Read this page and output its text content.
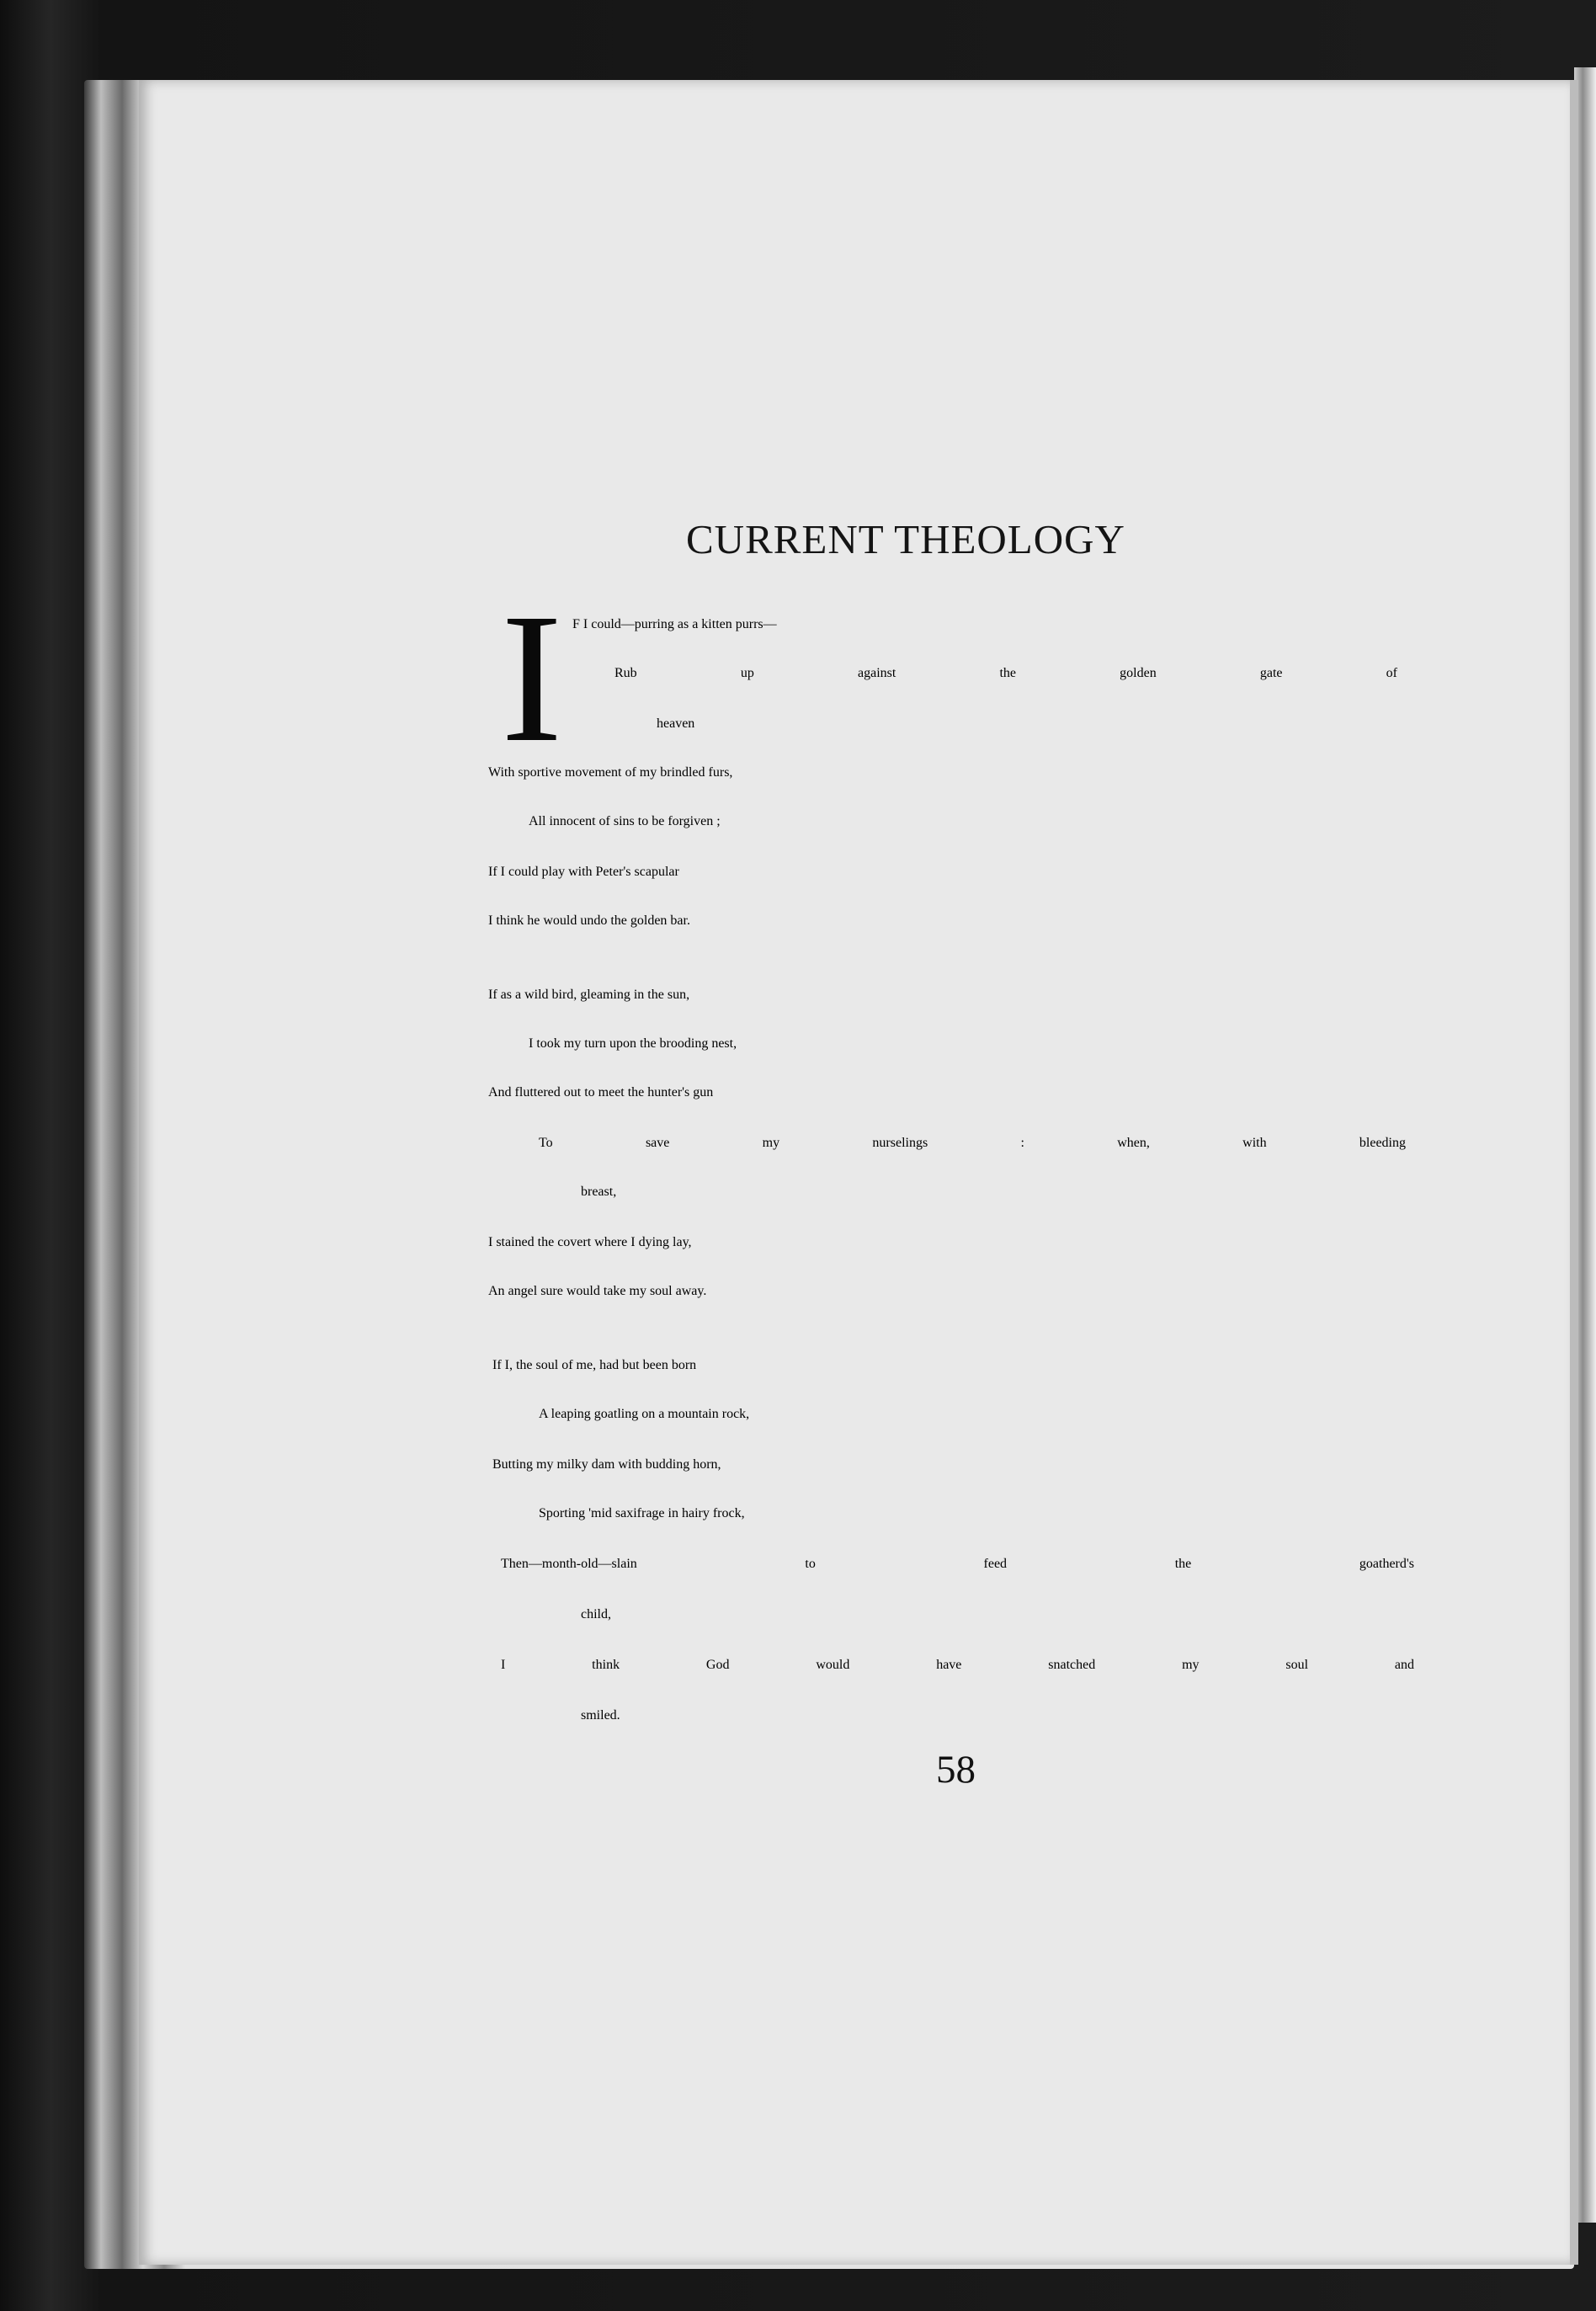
CURRENT THEOLOGY
I F I could—purring as a kitten purrs—
Rub up against the golden gate of
heaven
With sportive movement of my brindled furs,
All innocent of sins to be forgiven ;
If I could play with Peter's scapular
I think he would undo the golden bar.
If as a wild bird, gleaming in the sun,
I took my turn upon the brooding nest,
And fluttered out to meet the hunter's gun
To save my nurselings : when, with bleeding
breast,
I stained the covert where I dying lay,
An angel sure would take my soul away.
If I, the soul of me, had but been born
A leaping goatling on a mountain rock,
Butting my milky dam with budding horn,
Sporting 'mid saxifrage in hairy frock,
Then—month-old—slain to feed the goatherd's
child,
I think God would have snatched my soul and
smiled.
58
